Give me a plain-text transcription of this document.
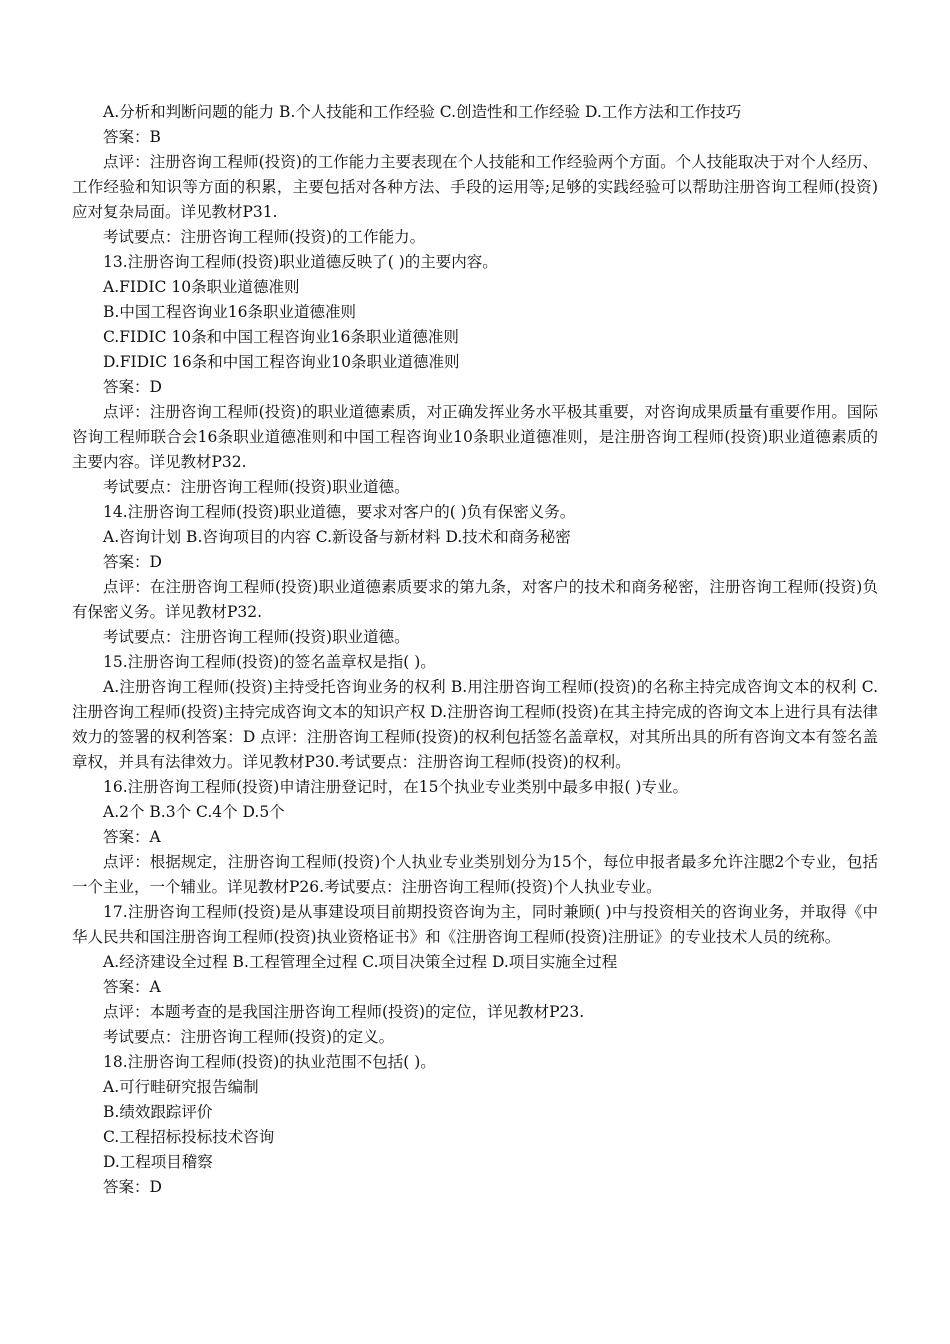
A.分析和判断问题的能力 B.个人技能和工作经验 C.创造性和工作经验 D.工作方法和工作技巧
答案：B
点评：注册咨询工程师(投资)的工作能力主要表现在个人技能和工作经验两个方面。个人技能取决于对个人经历、工作经验和知识等方面的积累，主要包括对各种方法、手段的运用等;足够的实践经验可以帮助注册咨询工程师(投资)应对复杂局面。详见教材P31.
考试要点：注册咨询工程师(投资)的工作能力。
13.注册咨询工程师(投资)职业道德反映了( )的主要内容。
A.FIDIC 10条职业道德准则
B.中国工程咨询业16条职业道德准则
C.FIDIC 10条和中国工程咨询业16条职业道德准则
D.FIDIC 16条和中国工程咨询业10条职业道德准则
答案：D
点评：注册咨询工程师(投资)的职业道德素质，对正确发挥业务水平极其重要，对咨询成果质量有重要作用。国际咨询工程师联合会16条职业道德准则和中国工程咨询业10条职业道德准则，是注册咨询工程师(投资)职业道德素质的主要内容。详见教材P32.
考试要点：注册咨询工程师(投资)职业道德。
14.注册咨询工程师(投资)职业道德，要求对客户的( )负有保密义务。
A.咨询计划 B.咨询项目的内容 C.新设备与新材料 D.技术和商务秘密
答案：D
点评：在注册咨询工程师(投资)职业道德素质要求的第九条，对客户的技术和商务秘密，注册咨询工程师(投资)负有保密义务。详见教材P32.
考试要点：注册咨询工程师(投资)职业道德。
15.注册咨询工程师(投资)的签名盖章权是指( )。
A.注册咨询工程师(投资)主持受托咨询业务的权利 B.用注册咨询工程师(投资)的名称主持完成咨询文本的权利 C.注册咨询工程师(投资)主持完成咨询文本的知识产权 D.注册咨询工程师(投资)在其主持完成的咨询文本上进行具有法律效力的签署的权利答案：D 点评：注册咨询工程师(投资)的权利包括签名盖章权，对其所出具的所有咨询文本有签名盖章权，并具有法律效力。详见教材P30.考试要点：注册咨询工程师(投资)的权利。
16.注册咨询工程师(投资)申请注册登记时，在15个执业专业类别中最多申报( )专业。
A.2个 B.3个 C.4个 D.5个
答案：A
点评：根据规定，注册咨询工程师(投资)个人执业专业类别划分为15个，每位申报者最多允许注腮2个专业，包括一个主业，一个辅业。详见教材P26.考试要点：注册咨询工程师(投资)个人执业专业。
17.注册咨询工程师(投资)是从事建设项目前期投资咨询为主，同时兼顾( )中与投资相关的咨询业务，并取得《中华人民共和国注册咨询工程师(投资)执业资格证书》和《注册咨询工程师(投资)注册证》的专业技术人员的统称。
A.经济建设全过程 B.工程管理全过程 C.项目决策全过程 D.项目实施全过程
答案：A
点评：本题考查的是我国注册咨询工程师(投资)的定位，详见教材P23.
考试要点：注册咨询工程师(投资)的定义。
18.注册咨询工程师(投资)的执业范围不包括( )。
A.可行畦研究报告编制
B.绩效跟踪评价
C.工程招标投标技术咨询
D.工程项目稽察
答案：D
